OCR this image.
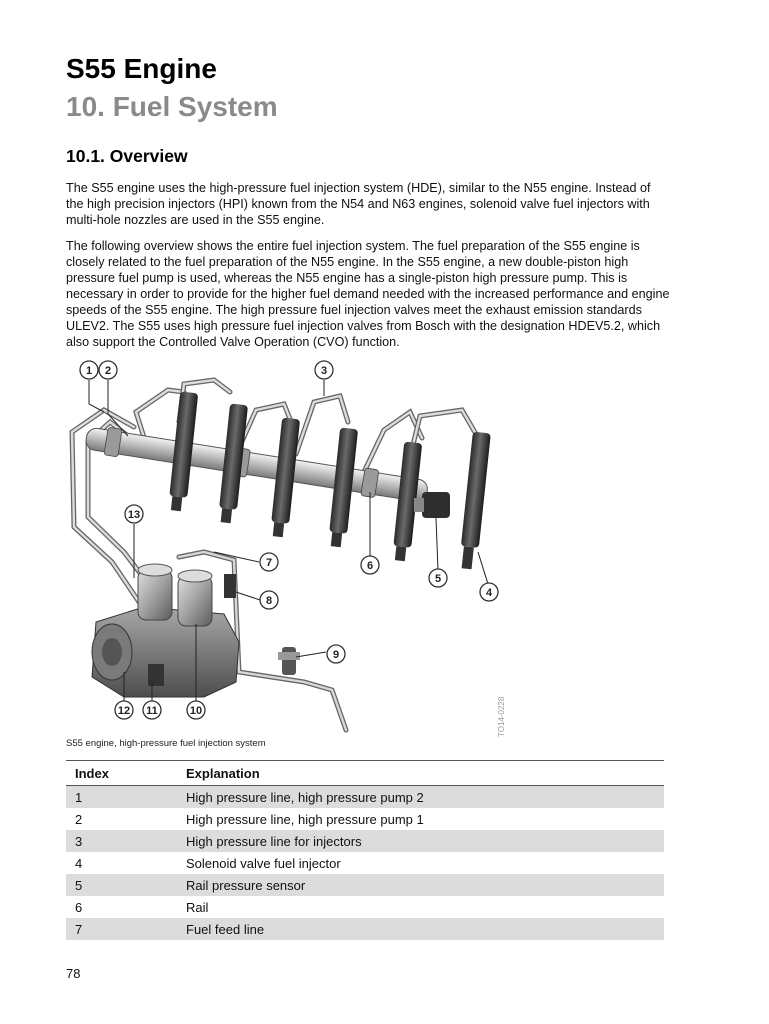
S55 Engine
10. Fuel System
10.1. Overview

The S55 engine uses the high-pressure fuel injection system (HDE), similar to the N55 engine. Instead of the high precision injectors (HPI) known from the N54 and N63 engines, solenoid valve fuel injectors with multi-hole nozzles are used in the S55 engine.

The following overview shows the entire fuel injection system. The fuel preparation of the S55 engine is closely related to the fuel preparation of the N55 engine. In the S55 engine, a new double-piston high pressure fuel pump is used, whereas the N55 engine has a single-piston high pressure pump. This is necessary in order to provide for the higher fuel demand needed with the increased performance and engine speeds of the S55 engine. The high pressure fuel injection valves meet the exhaust emission standards ULEV2. The S55 uses high pressure fuel injection valves from Bosch with the designation HDEV5.2, which also support the Controlled Valve Operation (CVO) function.

1 2	3
4
5
6
7
8
9
10
11
12
13
TO14-0228
S55 engine, high-pressure fuel injection system
Index	Explanation
1	High pressure line, high pressure pump 2
2	High pressure line, high pressure pump 1
3	High pressure line for injectors
4	Solenoid valve fuel injector
5	Rail pressure sensor
6	Rail
7	Fuel feed line
78
